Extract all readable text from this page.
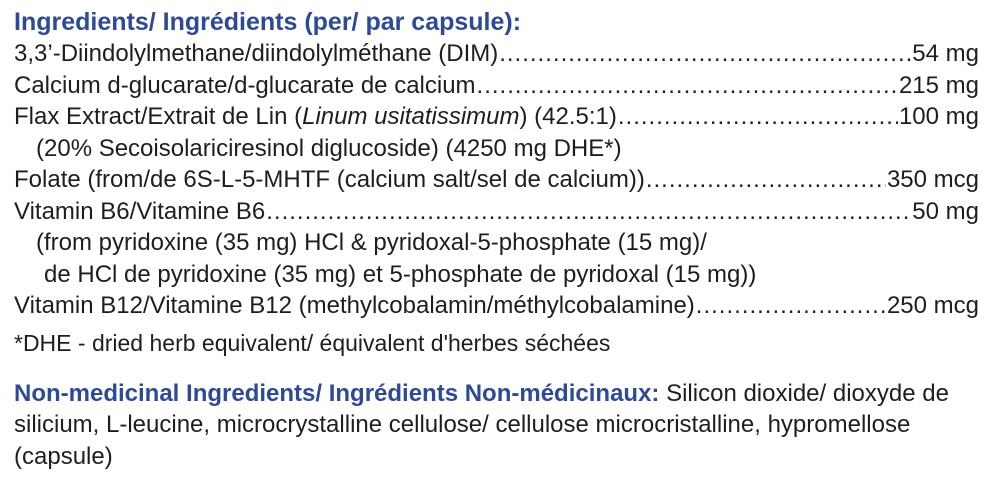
Ingredients/ Ingrédients (per/ par capsule):
3,3’-Diindolylmethane/diindolylméthane (DIM) .....	54 mg
Calcium d-glucarate/d-glucarate de calcium .....	215 mg
Flax Extract/Extrait de Lin (Linum usitatissimum) (42.5:1) .....	100 mg
(20% Secoisolariciresinol diglucoside) (4250 mg DHE*)
Folate (from/de 6S-L-5-MHTF (calcium salt/sel de calcium)) .....	350 mcg
Vitamin B6/Vitamine B6 .....	50 mg
(from pyridoxine (35 mg) HCl & pyridoxal-5-phosphate (15 mg)/
de HCl de pyridoxine (35 mg) et 5-phosphate de pyridoxal (15 mg))
Vitamin B12/Vitamine B12 (methylcobalamin/méthylcobalamine) .....	250 mcg
*DHE - dried herb equivalent/ équivalent d'herbes séchées
Non-medicinal Ingredients/ Ingrédients Non-médicinaux: Silicon dioxide/ dioxyde de silicium, L-leucine, microcrystalline cellulose/ cellulose microcristalline, hypromellose (capsule)
